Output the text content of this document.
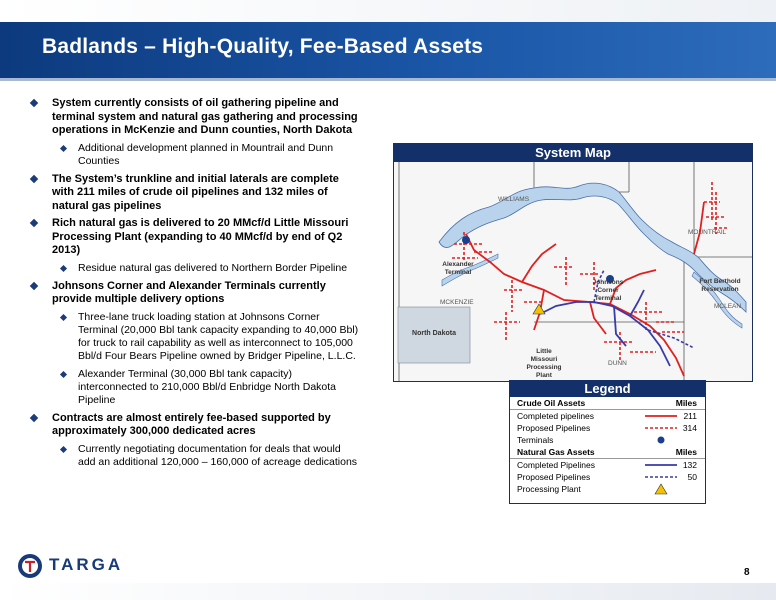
Badlands – High-Quality, Fee-Based Assets
System currently consists of oil gathering pipeline and terminal system and natural gas gathering and processing operations in McKenzie and Dunn counties, North Dakota
Additional development planned in Mountrail and Dunn Counties
The System’s trunkline and initial laterals are complete with 211 miles of crude oil pipelines and 132 miles of natural gas pipelines
Rich natural gas is delivered to 20 MMcf/d Little Missouri Processing Plant (expanding to 40 MMcf/d by end of Q2 2013)
Residue natural gas delivered to Northern Border Pipeline
Johnsons Corner and Alexander Terminals currently provide multiple delivery options
Three-lane truck loading station at Johnsons Corner Terminal (20,000 Bbl tank capacity expanding to 40,000 Bbl) for truck to rail capability as well as interconnect to 105,000 Bbl/d Four Bears Pipeline owned by Bridger Pipeline, L.L.C.
Alexander Terminal (30,000 Bbl tank capacity) interconnected to 210,000 Bbl/d Enbridge North Dakota Pipeline
Contracts are almost entirely fee-based supported by approximately 300,000 dedicated acres
Currently negotiating documentation for deals that would add an additional 120,000 – 160,000 of acreage dedications
System Map
North Dakota
WILLIAMS
MOUNTRAIL
MCKENZIE
MCLEAN
DUNN
Alexander
Terminal
Johnsons
Corner
Terminal
Fort Berthold
Reservation
Little
Missouri
Processing
Plant
Legend
Crude Oil Assets	Miles
Completed pipelines	211
Proposed Pipelines	314
Terminals
Natural Gas Assets	Miles
Completed Pipelines	132
Proposed Pipelines	50
Processing Plant
TARGA	8
